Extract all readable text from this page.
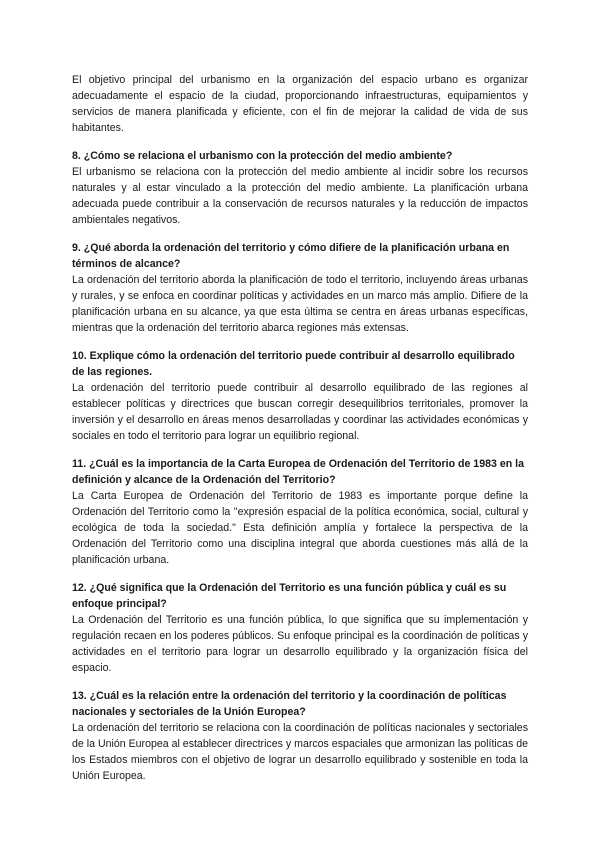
El objetivo principal del urbanismo en la organización del espacio urbano es organizar adecuadamente el espacio de la ciudad, proporcionando infraestructuras, equipamientos y servicios de manera planificada y eficiente, con el fin de mejorar la calidad de vida de sus habitantes.

8. ¿Cómo se relaciona el urbanismo con la protección del medio ambiente?

El urbanismo se relaciona con la protección del medio ambiente al incidir sobre los recursos naturales y al estar vinculado a la protección del medio ambiente. La planificación urbana adecuada puede contribuir a la conservación de recursos naturales y la reducción de impactos ambientales negativos.

9. ¿Qué aborda la ordenación del territorio y cómo difiere de la planificación urbana en términos de alcance?

La ordenación del territorio aborda la planificación de todo el territorio, incluyendo áreas urbanas y rurales, y se enfoca en coordinar políticas y actividades en un marco más amplio. Difiere de la planificación urbana en su alcance, ya que esta última se centra en áreas urbanas específicas, mientras que la ordenación del territorio abarca regiones más extensas.

10. Explique cómo la ordenación del territorio puede contribuir al desarrollo equilibrado de las regiones.

La ordenación del territorio puede contribuir al desarrollo equilibrado de las regiones al establecer políticas y directrices que buscan corregir desequilibrios territoriales, promover la inversión y el desarrollo en áreas menos desarrolladas y coordinar las actividades económicas y sociales en todo el territorio para lograr un equilibrio regional.

11. ¿Cuál es la importancia de la Carta Europea de Ordenación del Territorio de 1983 en la definición y alcance de la Ordenación del Territorio?

La Carta Europea de Ordenación del Territorio de 1983 es importante porque define la Ordenación del Territorio como la "expresión espacial de la política económica, social, cultural y ecológica de toda la sociedad." Esta definición amplía y fortalece la perspectiva de la Ordenación del Territorio como una disciplina integral que aborda cuestiones más allá de la planificación urbana.

12. ¿Qué significa que la Ordenación del Territorio es una función pública y cuál es su enfoque principal?

La Ordenación del Territorio es una función pública, lo que significa que su implementación y regulación recaen en los poderes públicos. Su enfoque principal es la coordinación de políticas y actividades en el territorio para lograr un desarrollo equilibrado y la organización física del espacio.

13. ¿Cuál es la relación entre la ordenación del territorio y la coordinación de políticas nacionales y sectoriales de la Unión Europea?

La ordenación del territorio se relaciona con la coordinación de políticas nacionales y sectoriales de la Unión Europea al establecer directrices y marcos espaciales que armonizan las políticas de los Estados miembros con el objetivo de lograr un desarrollo equilibrado y sostenible en toda la Unión Europea.
